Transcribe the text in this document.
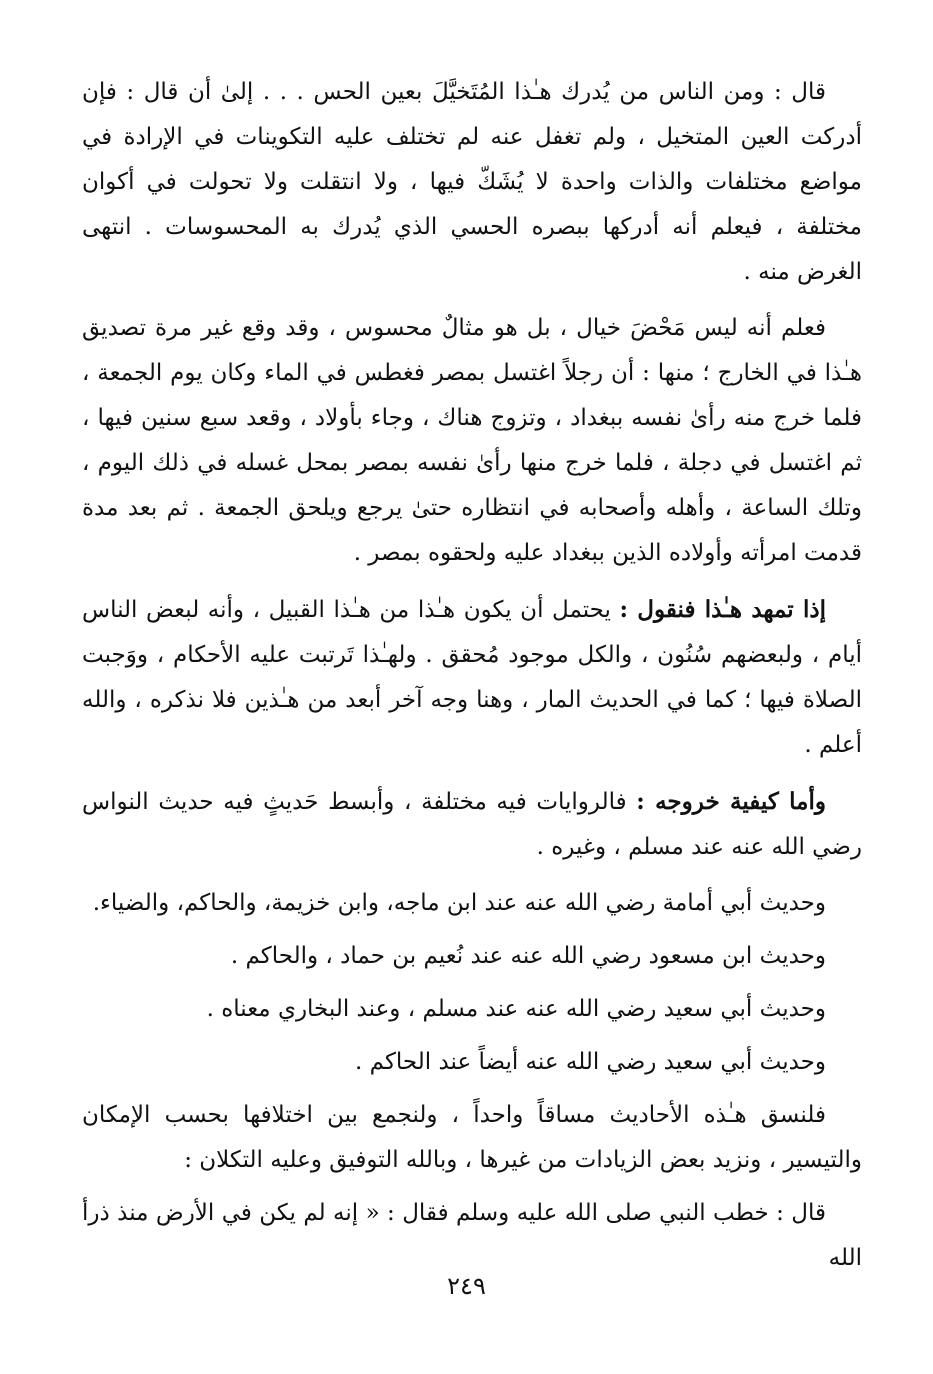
قال : ومن الناس من يُدرك هـٰذا المُتَخيَّلَ بعين الحس . . . إلىٰ أن قال : فإن أدركت العين المتخيل ، ولم تغفل عنه لم تختلف عليه التكوينات في الإرادة في مواضع مختلفات والذات واحدة لا يُشَكّ فيها ، ولا انتقلت ولا تحولت في أكوان مختلفة ، فيعلم أنه أدركها ببصره الحسي الذي يُدرك به المحسوسات . انتهى الغرض منه .

فعلم أنه ليس مَحْضَ خيال ، بل هو مثالٌ محسوس ، وقد وقع غير مرة تصديق هـٰذا في الخارج ؛ منها : أن رجلاً اغتسل بمصر فغطس في الماء وكان يوم الجمعة ، فلما خرج منه رأىٰ نفسه ببغداد ، وتزوج هناك ، وجاء بأولاد ، وقعد سبع سنين فيها ، ثم اغتسل في دجلة ، فلما خرج منها رأىٰ نفسه بمصر بمحل غسله في ذلك اليوم ، وتلك الساعة ، وأهله وأصحابه في انتظاره حتىٰ يرجع ويلحق الجمعة . ثم بعد مدة قدمت امرأته وأولاده الذين ببغداد عليه ولحقوه بمصر .

إذا تمهد هـٰذا فنقول : يحتمل أن يكون هـٰذا من هـٰذا القبيل ، وأنه لبعض الناس أيام ، ولبعضهم سُنُون ، والكل موجود مُحقق . ولهـٰذا تَرتبت عليه الأحكام ، ووَجبت الصلاة فيها ؛ كما في الحديث المار ، وهنا وجه آخر أبعد من هـٰذين فلا نذكره ، والله أعلم .

وأما كيفية خروجه : فالروايات فيه مختلفة ، وأبسط حَديثٍ فيه حديث النواس رضي الله عنه عند مسلم ، وغيره .

وحديث أبي أمامة رضي الله عنه عند ابن ماجه، وابن خزيمة، والحاكم، والضياء.

وحديث ابن مسعود رضي الله عنه عند نُعيم بن حماد ، والحاكم .

وحديث أبي سعيد رضي الله عنه عند مسلم ، وعند البخاري معناه .

وحديث أبي سعيد رضي الله عنه أيضاً عند الحاكم .

فلنسق هـٰذه الأحاديث مساقاً واحداً ، ولنجمع بين اختلافها بحسب الإمكان والتيسير ، ونزيد بعض الزيادات من غيرها ، وبالله التوفيق وعليه التكلان :

قال : خطب النبي صلى الله عليه وسلم فقال : « إنه لم يكن في الأرض منذ ذرأ الله

٢٤٩
